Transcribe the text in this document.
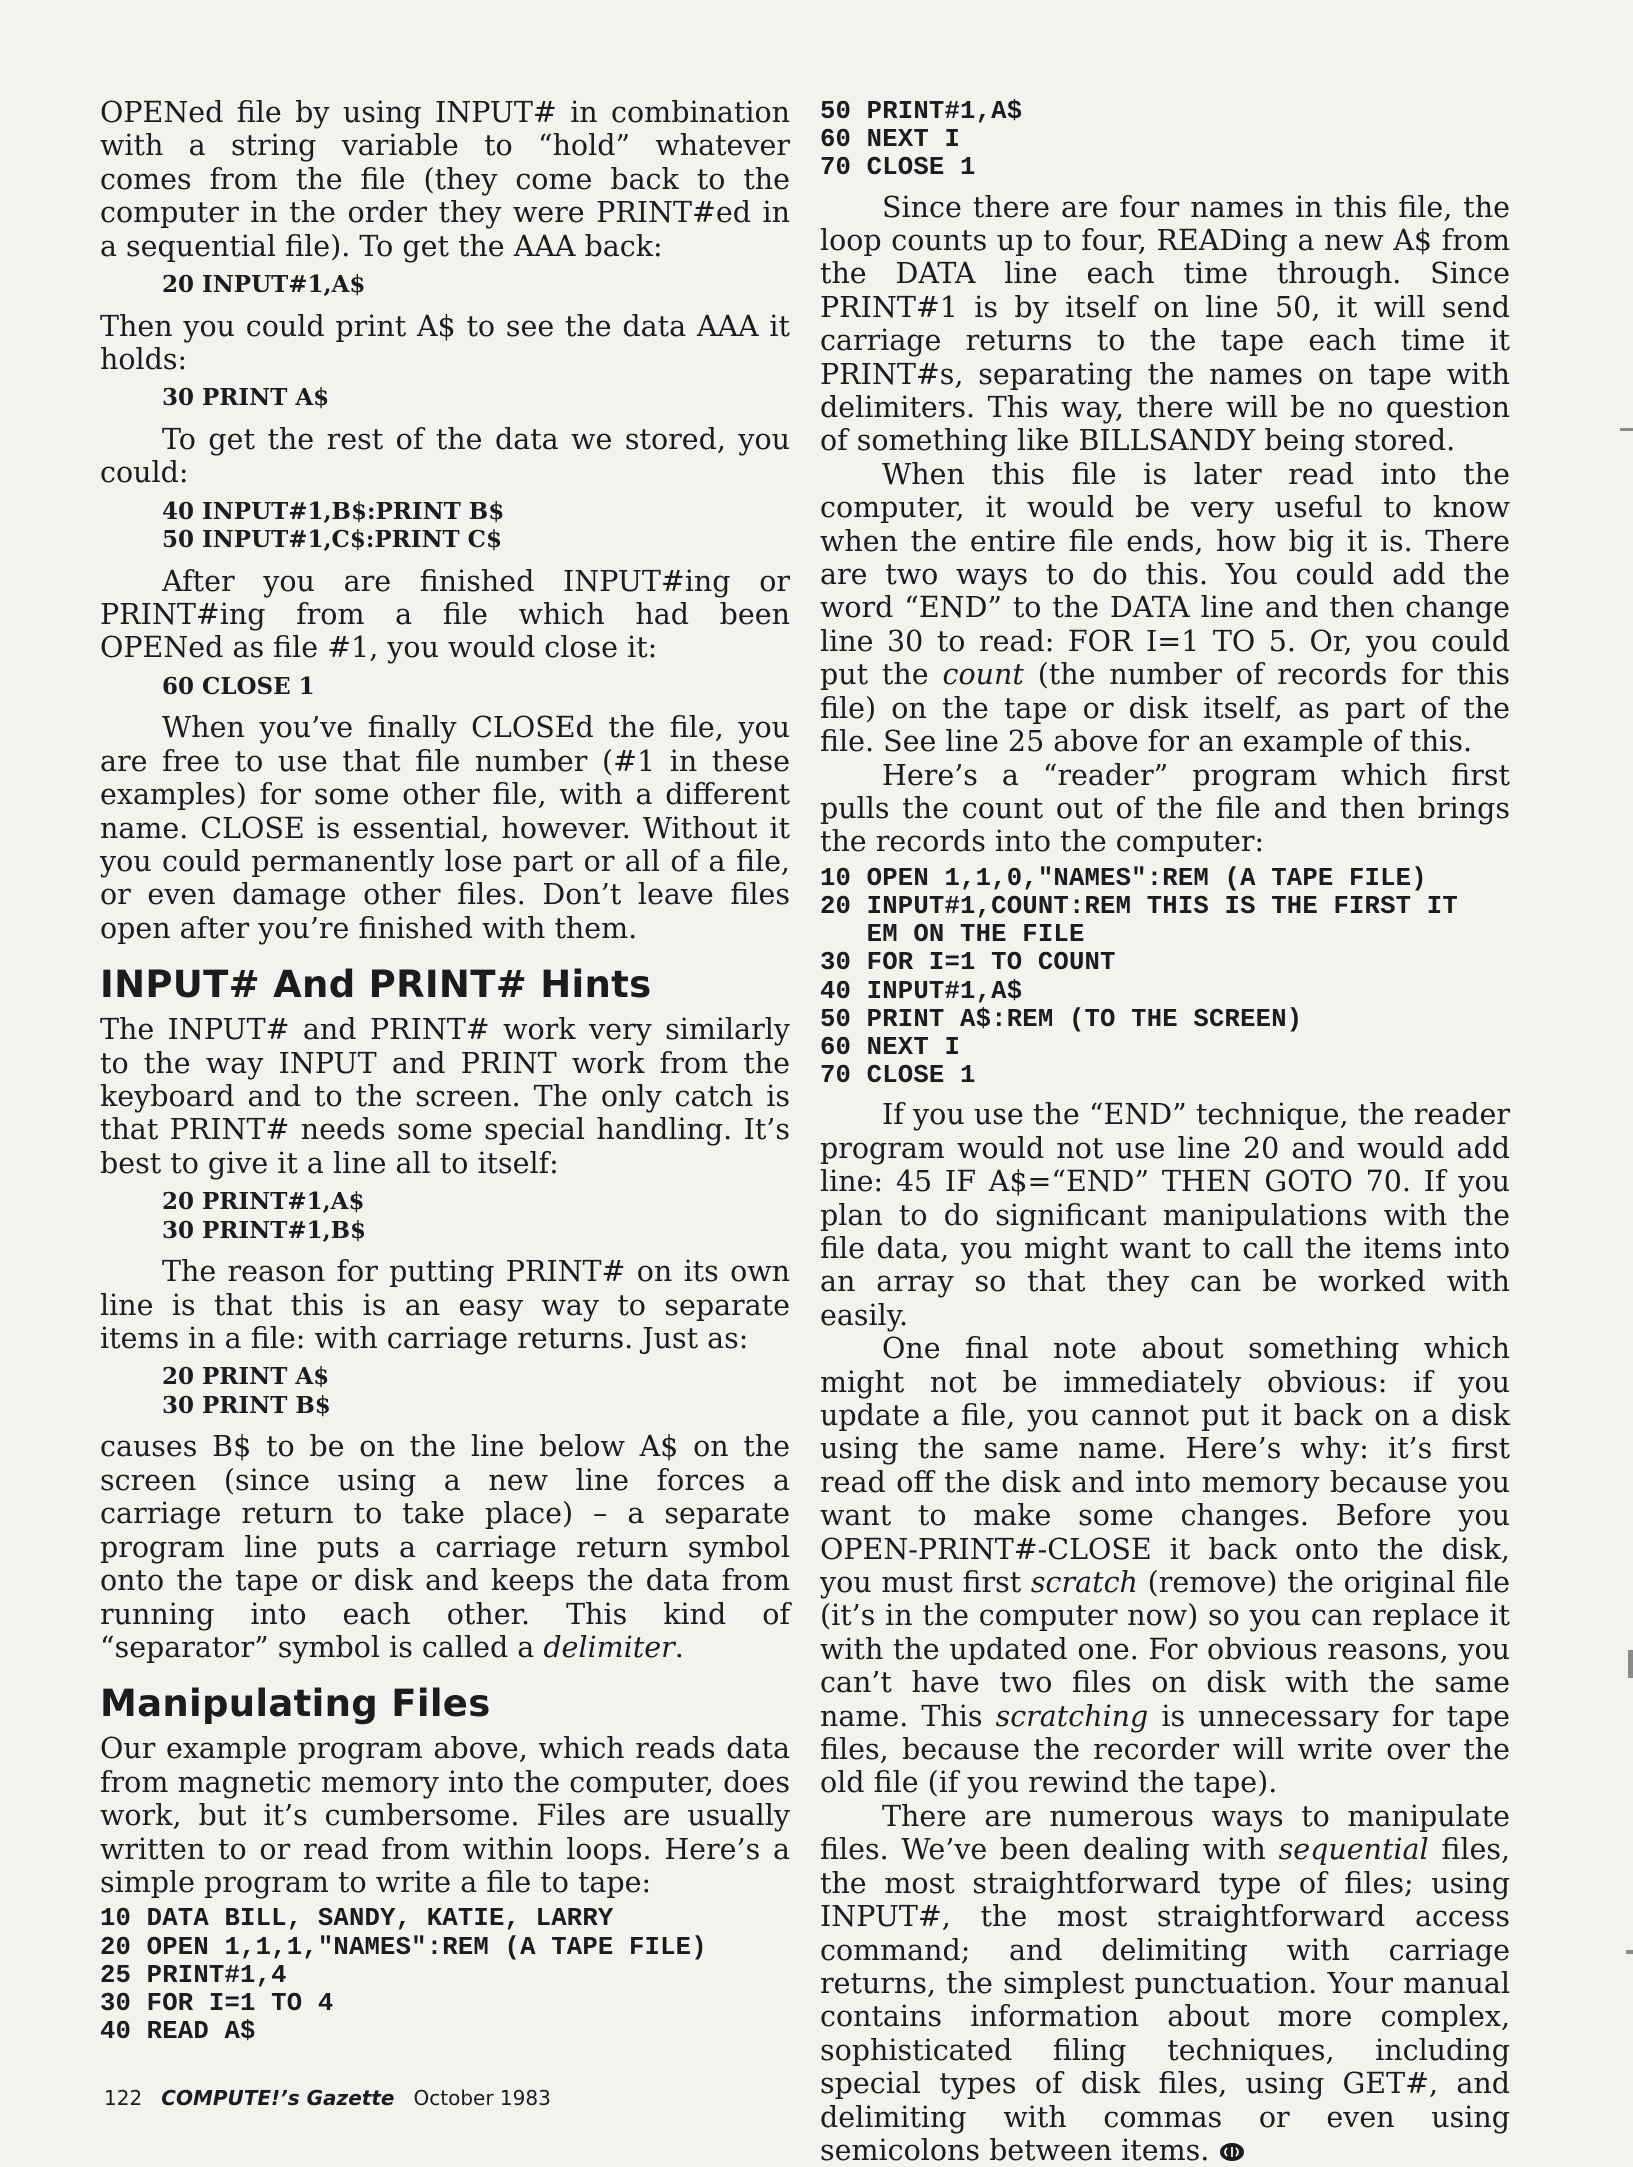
OPENed file by using INPUT# in combination with a string variable to “hold” whatever comes from the file (they come back to the computer in the order they were PRINT#ed in a sequential file). To get the AAA back:

20 INPUT#1,A$

Then you could print A$ to see the data AAA it holds:

30 PRINT A$

To get the rest of the data we stored, you could:

40 INPUT#1,B$:PRINT B$
50 INPUT#1,C$:PRINT C$

After you are finished INPUT#ing or PRINT#ing from a file which had been OPENed as file #1, you would close it:

60 CLOSE 1

When you’ve finally CLOSEd the file, you are free to use that file number (#1 in these examples) for some other file, with a different name. CLOSE is essential, however. Without it you could permanently lose part or all of a file, or even damage other files. Don’t leave files open after you’re finished with them.

INPUT# And PRINT# Hints

The INPUT# and PRINT# work very similarly to the way INPUT and PRINT work from the keyboard and to the screen. The only catch is that PRINT# needs some special handling. It’s best to give it a line all to itself:

20 PRINT#1,A$
30 PRINT#1,B$

The reason for putting PRINT# on its own line is that this is an easy way to separate items in a file: with carriage returns. Just as:

20 PRINT A$
30 PRINT B$

causes B$ to be on the line below A$ on the screen (since using a new line forces a carriage return to take place) – a separate program line puts a carriage return symbol onto the tape or disk and keeps the data from running into each other. This kind of “separator” symbol is called a delimiter.

Manipulating Files

Our example program above, which reads data from magnetic memory into the computer, does work, but it’s cumbersome. Files are usually written to or read from within loops. Here’s a simple program to write a file to tape:

10 DATA BILL, SANDY, KATIE, LARRY
20 OPEN 1,1,1,"NAMES":REM (A TAPE FILE)
25 PRINT#1,4
30 FOR I=1 TO 4
40 READ A$
50 PRINT#1,A$
60 NEXT I
70 CLOSE 1

Since there are four names in this file, the loop counts up to four, READing a new A$ from the DATA line each time through. Since PRINT#1 is by itself on line 50, it will send carriage returns to the tape each time it PRINT#s, separating the names on tape with delimiters. This way, there will be no question of something like BILLSANDY being stored.

When this file is later read into the computer, it would be very useful to know when the entire file ends, how big it is. There are two ways to do this. You could add the word “END” to the DATA line and then change line 30 to read: FOR I=1 TO 5. Or, you could put the count (the number of records for this file) on the tape or disk itself, as part of the file. See line 25 above for an example of this.

Here’s a “reader” program which first pulls the count out of the file and then brings the records into the computer:

10 OPEN 1,1,0,"NAMES":REM (A TAPE FILE)
20 INPUT#1,COUNT:REM THIS IS THE FIRST IT
EM ON THE FILE
30 FOR I=1 TO COUNT
40 INPUT#1,A$
50 PRINT A$:REM (TO THE SCREEN)
60 NEXT I
70 CLOSE 1

If you use the “END” technique, the reader program would not use line 20 and would add line: 45 IF A$=“END” THEN GOTO 70. If you plan to do significant manipulations with the file data, you might want to call the items into an array so that they can be worked with easily.

One final note about something which might not be immediately obvious: if you update a file, you cannot put it back on a disk using the same name. Here’s why: it’s first read off the disk and into memory because you want to make some changes. Before you OPEN-PRINT#-CLOSE it back onto the disk, you must first scratch (remove) the original file (it’s in the computer now) so you can replace it with the updated one. For obvious reasons, you can’t have two files on disk with the same name. This scratching is unnecessary for tape files, because the recorder will write over the old file (if you rewind the tape).

There are numerous ways to manipulate files. We’ve been dealing with sequential files, the most straightforward type of files; using INPUT#, the most straightforward access command; and delimiting with carriage returns, the simplest punctuation. Your manual contains information about more complex, sophisticated filing techniques, including special types of disk files, using GET#, and delimiting with commas or even using semicolons between items.

122 COMPUTE!’s Gazette October 1983
